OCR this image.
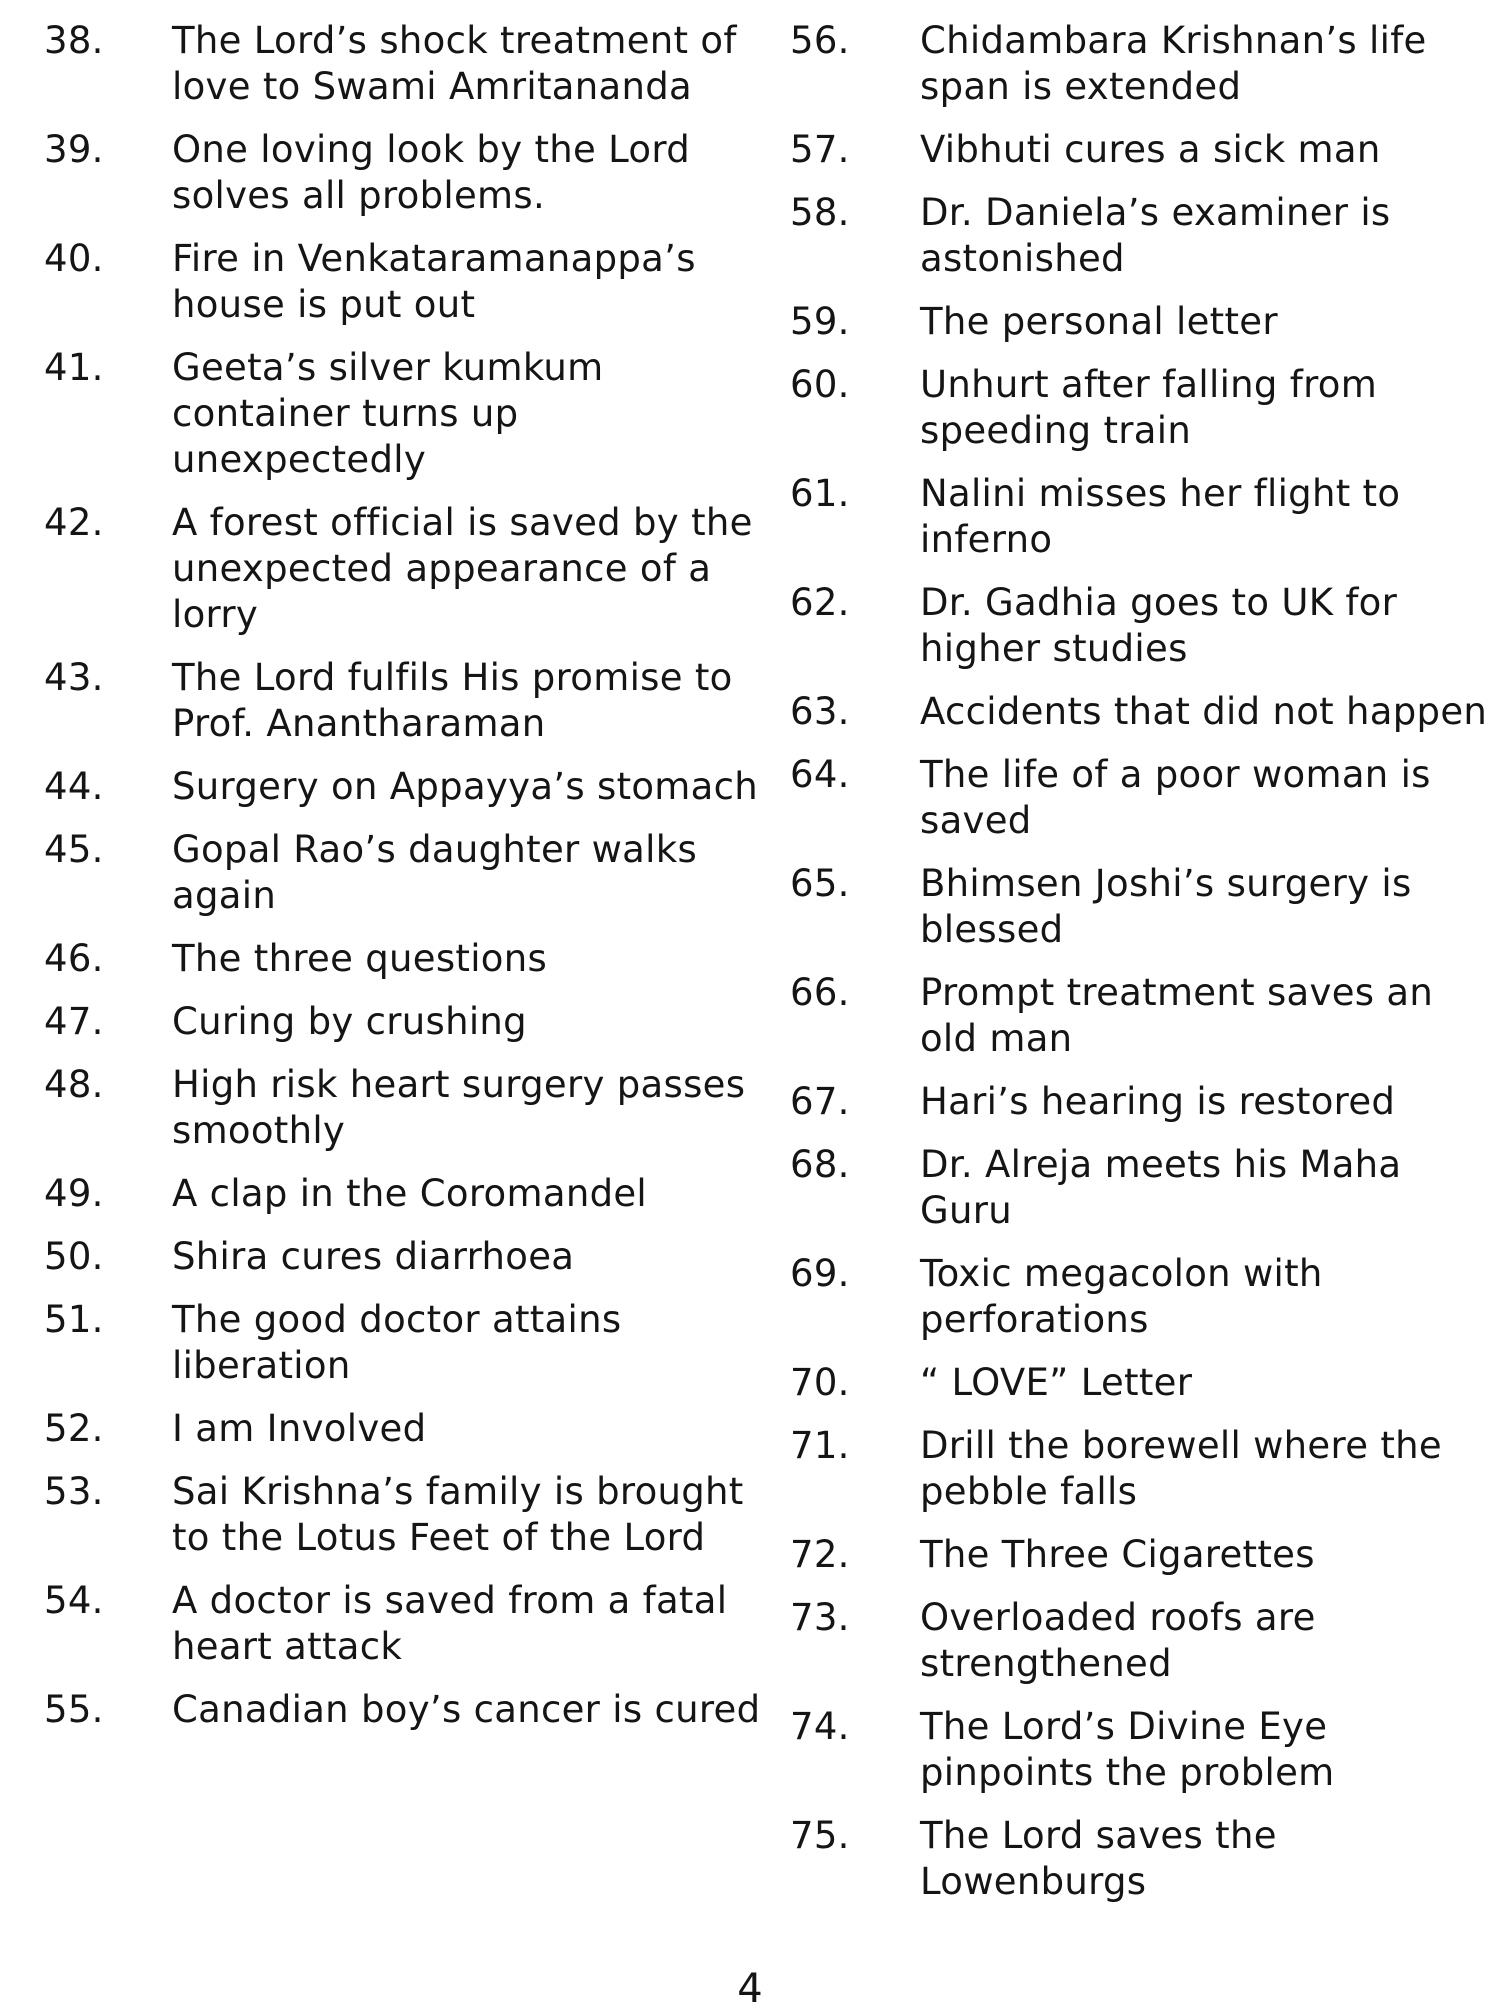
38.	The Lord’s shock treatment of love to Swami Amritananda
39.	One loving look by the Lord solves all problems.
40.	Fire in Venkataramanappa’s house is put out
41.	Geeta’s silver kumkum container turns up unexpectedly
42.	A forest official is saved by the unexpected appearance of a lorry
43.	The Lord fulfils His promise to Prof. Anantharaman
44.	Surgery on Appayya’s stomach
45.	Gopal Rao’s daughter walks again
46.	The three questions
47.	Curing by crushing
48.	High risk heart surgery passes smoothly
49.	A clap in the Coromandel
50.	Shira cures diarrhoea
51.	The good doctor attains liberation
52.	I am Involved
53.	Sai Krishna’s family is brought to the Lotus Feet of the Lord
54.	A doctor is saved from a fatal heart attack
55.	Canadian boy’s cancer is cured
56.	Chidambara Krishnan’s life span is extended
57.	Vibhuti cures a sick man
58.	Dr. Daniela’s examiner is astonished
59.	The personal letter
60.	Unhurt after falling from speeding train
61.	Nalini misses her flight to inferno
62.	Dr. Gadhia goes to UK for higher studies
63.	Accidents that did not happen
64.	The life of a poor woman is saved
65.	Bhimsen Joshi’s surgery is blessed
66.	Prompt treatment saves an old man
67.	Hari’s hearing is restored
68.	Dr. Alreja meets his Maha Guru
69.	Toxic megacolon with perforations
70.	“ LOVE” Letter
71.	Drill the borewell where the pebble falls
72.	The Three Cigarettes
73.	Overloaded roofs are strengthened
74.	The Lord’s Divine Eye pinpoints the problem
75.	The Lord saves the Lowenburgs
4
